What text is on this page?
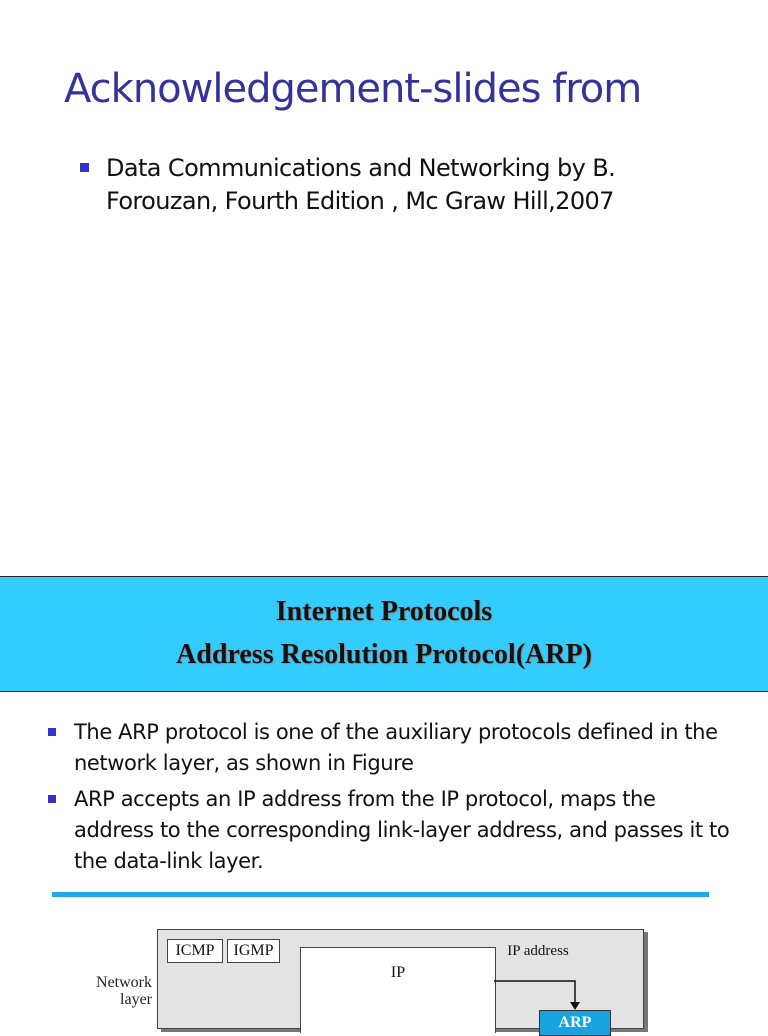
Acknowledgement-slides from
Data Communications and Networking by B. Forouzan, Fourth Edition , Mc Graw Hill,2007
Internet Protocols
Address Resolution Protocol(ARP)
The ARP protocol is one of the auxiliary protocols defined in the network layer, as shown in Figure
ARP accepts an IP address from the IP protocol, maps the address to the corresponding link-layer address, and passes it to the data-link layer.
Network layer
ICMP	IGMP
IP
IP address
ARP
